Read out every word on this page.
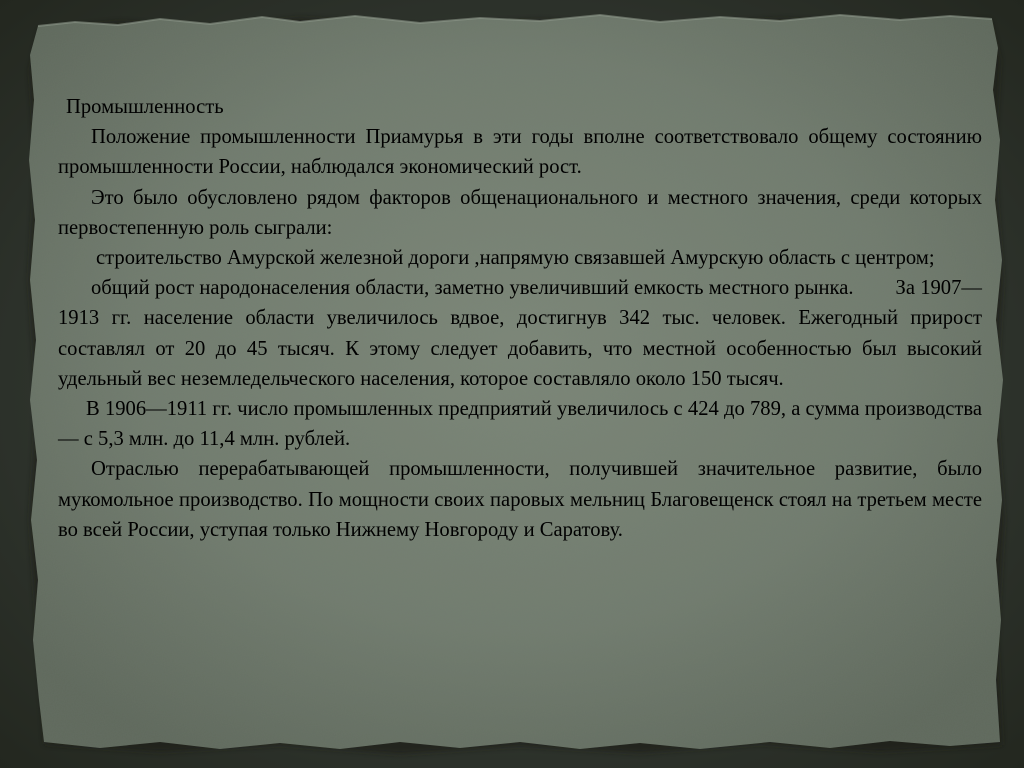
Промышленность

Положение промышленности Приамурья в эти годы вполне соответствовало общему состоянию промышленности России, наблюдался экономический рост.

Это было обусловлено рядом факторов общенационального и местного значения, среди которых первостепенную роль сыграли:

строительство Амурской железной дороги ,напрямую связавшей Амурскую область с центром;

общий рост народонаселения области, заметно увеличивший емкость местного рынка.        За 1907—1913 гг. население области увеличилось вдвое, достигнув 342 тыс. человек. Ежегодный прирост составлял от 20 до 45 тысяч. К этому следует добавить, что местной особенностью был высокий удельный вес неземледельческого населения, которое составляло около 150 тысяч.

В 1906—1911 гг. число промышленных предприятий увеличилось с 424 до 789, а сумма производства — с 5,3 млн. до 11,4 млн. рублей.

Отраслью перерабатывающей промышленности, получившей значительное развитие, было мукомольное производство. По мощности своих паровых мельниц Благовещенск стоял на третьем месте во всей России, уступая только Нижнему Новгороду и Саратову.
